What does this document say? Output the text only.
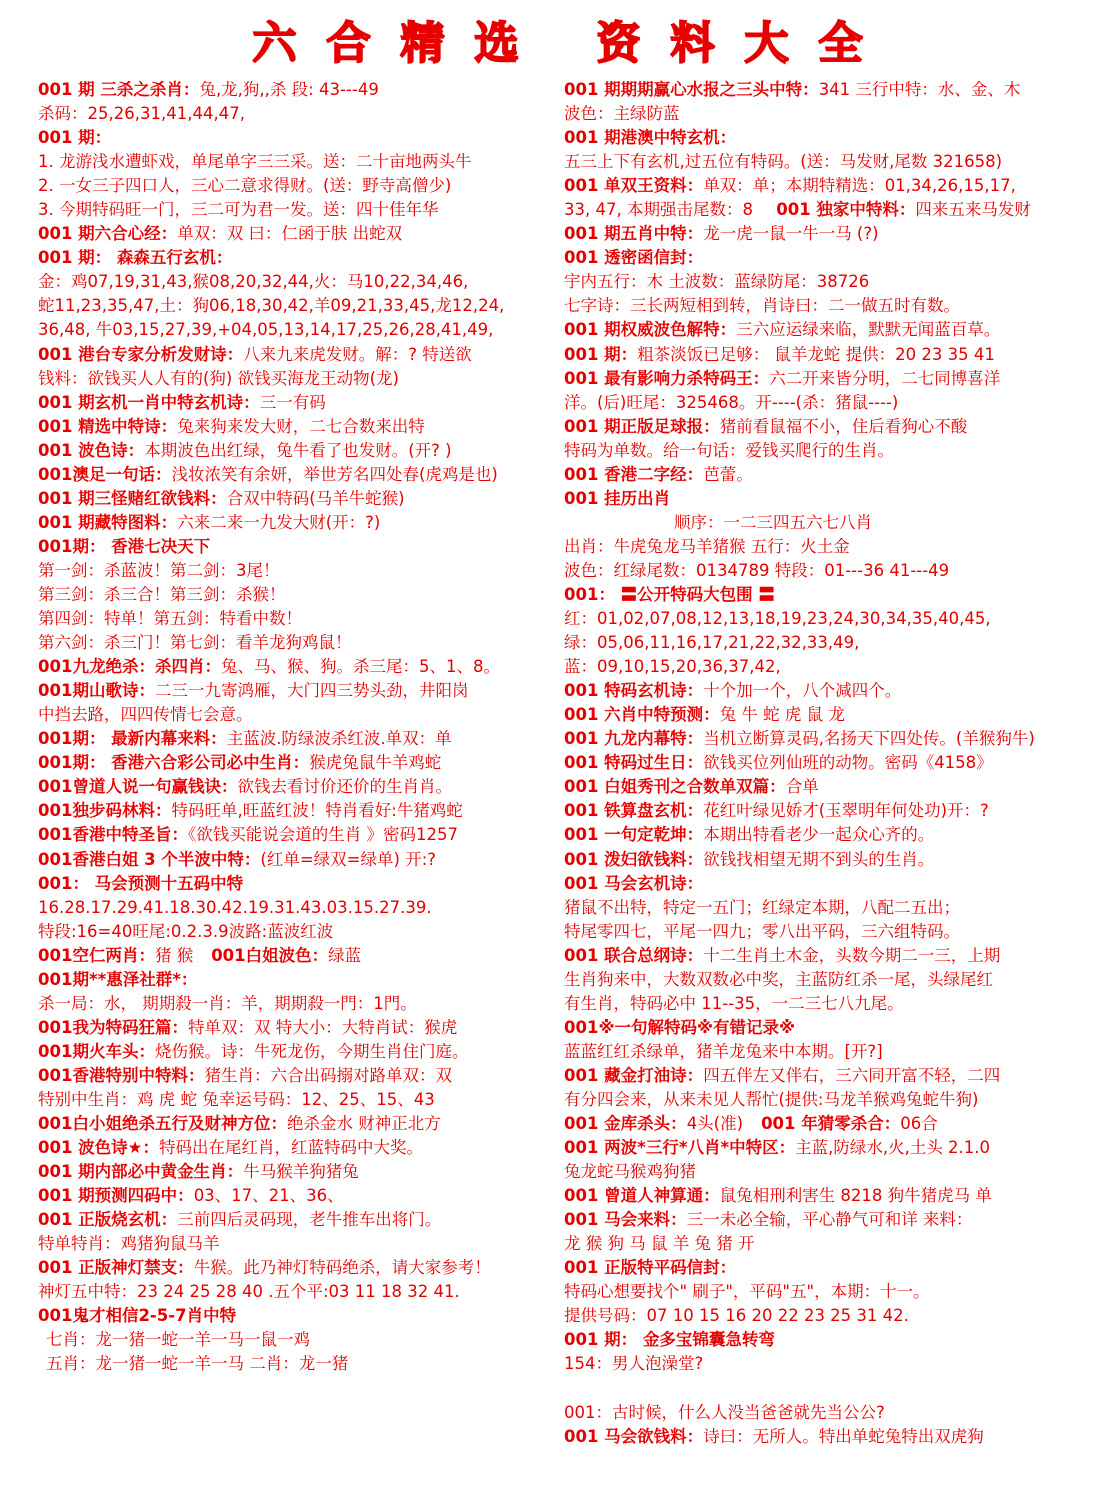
六 合 精 选 资 料 大 全
001 期 三杀之杀肖：兔,龙,狗,,杀 段: 43---49
杀码：25,26,31,41,44,47,
001 期：
1. 龙游浅水遭虾戏，单尾单字三三采。送：二十亩地两头牛
2. 一女三子四口人，三心二意求得财。(送：野寺高僧少)
3. 今期特码旺一门，三二可为君一发。送：四十佳年华
001 期六合心经：单双：双 曰：仁函于肤 出蛇双
001 期： 森森五行玄机：
金：鸡07,19,31,43,猴08,20,32,44,火：马10,22,34,46,
蛇11,23,35,47,土：狗06,18,30,42,羊09,21,33,45,龙12,24,
36,48, 牛03,15,27,39,+04,05,13,14,17,25,26,28,41,49,
001 港台专家分析发财诗：八来九来虎发财。解：? 特送欲
钱料：欲钱买人人有的(狗) 欲钱买海龙王动物(龙)
001 期玄机一肖中特玄机诗：三一有码
001 精选中特诗：兔来狗来发大财，二七合数来出特
001 波色诗：本期波色出红绿，兔牛看了也发财。(开? )
001澳足一句话：浅妆浓笑有余妍，举世芳名四处春(虎鸡是也)
001 期三怪赌红欲钱料：合双中特码(马羊牛蛇猴)
001 期藏特图料：六来二来一九发大财(开：?)
001期： 香港七决天下
第一剑：杀蓝波！第二剑：3尾！
第三剑：杀三合！第三剑：杀猴！
第四剑：特单！第五剑：特看中数！
第六剑：杀三门！第七剑：看羊龙狗鸡鼠！
001九龙绝杀：杀四肖：兔、马、猴、狗。杀三尾：5、1、8。
001期山歌诗：二三一九寄鸿雁，大门四三势头劲，井阳岗
中挡去路，四四传情七会意。
001期： 最新内幕来料：主蓝波.防绿波杀红波.单双：单
001期： 香港六合彩公司必中生肖：猴虎兔鼠牛羊鸡蛇
001曾道人说一句赢钱诀：欲钱去看讨价还价的生肖肖。
001独步码林料：特码旺单,旺蓝红波！特肖看好:牛猪鸡蛇
001香港中特圣旨：《欲钱买能说会道的生肖 》密码1257
001香港白姐 3 个半波中特：(红单=绿双=绿单) 开:?
001： 马会预测十五码中特
16.28.17.29.41.18.30.42.19.31.43.03.15.27.39.
特段:16=40旺尾:0.2.3.9波路:蓝波红波
001空仁两肖：猪 猴 001白姐波色：绿蓝
001期**惠泽社群*：
杀一局：水， 期期殺一肖：羊，期期殺一門：1門。
001我为特码狂篇：特单双：双 特大小：大特肖试：猴虎
001期火车头：烧伤猴。诗：牛死龙伤，今期生肖住门庭。
001香港特别中特料：猪生肖：六合出码搦对路单双：双
特别中生肖：鸡 虎 蛇 兔幸运号码：12、25、15、43
001白小姐绝杀五行及财神方位：绝杀金水 财神正北方
001 波色诗★：特码出在尾红肖，红蓝特码中大奖。
001 期内部必中黄金生肖：牛马猴羊狗猪兔
001 期预测四码中：03、17、21、36、
001 正版烧玄机：三前四后灵码现，老牛推车出将门。
特单特肖：鸡猪狗鼠马羊
001 正版神灯禁支：牛猴。此乃神灯特码绝杀，请大家参考！
神灯五中特：23 24 25 28 40 .五个平:03 11 18 32 41.
001鬼才相信2-5-7肖中特
七肖：龙一猪一蛇一羊一马一鼠一鸡
五肖：龙一猪一蛇一羊一马 二肖：龙一猪
001 期期期赢心水报之三头中特：341 三行中特：水、金、木
波色：主绿防蓝
001 期港澳中特玄机：
五三上下有玄机,过五位有特码。(送：马发财,尾数 321658)
001 单双王资料：单双：单；本期特精选：01,34,26,15,17,
33, 47, 本期强击尾数：8 001 独家中特料：四来五来马发财
001 期五肖中特：龙一虎一鼠一牛一马 (?)
001 透密函信封：
宇内五行：木 土波数：蓝绿防尾：38726
七字诗：三长两短相到转，肖诗曰：二一做五时有数。
001 期权威波色解特：三六应运绿来临，默默无闻蓝百草。
001 期：粗茶淡饭已足够： 鼠羊龙蛇 提供：20 23 35 41
001 最有影响力杀特码王：六二开来皆分明，二七同博喜洋
洋。(后)旺尾：325468。开----(杀：猪鼠----)
001 期正版足球报：猪前看鼠福不小，住后看狗心不酸
特码为单数。给一句话：爱钱买爬行的生肖。
001 香港二字经：芭蕾。
001 挂历出肖
顺序：一二三四五六七八肖
出肖：牛虎兔龙马羊猪猴 五行：火土金
波色：红绿尾数：0134789 特段：01---36 41---49
001： 〓公开特码大包围 〓
红：01,02,07,08,12,13,18,19,23,24,30,34,35,40,45,
绿：05,06,11,16,17,21,22,32,33,49,
蓝：09,10,15,20,36,37,42,
001 特码玄机诗：十个加一个，八个减四个。
001 六肖中特预测：兔 牛 蛇 虎 鼠 龙
001 九龙内幕特：当机立断算灵码,名扬天下四处传。(羊猴狗牛)
001 特码过生日：欲钱买位列仙班的动物。密码《4158》
001 白姐秀刊之合数单双篇：合单
001 铁算盘玄机：花红叶绿见娇才(玉翠明年何处功)开：?
001 一句定乾坤：本期出特看老少一起众心齐的。
001 泼妇欲钱料：欲钱找相望无期不到头的生肖。
001 马会玄机诗：
猪鼠不出特，特定一五门；红绿定本期，八配二五出；
特尾零四七，平尾一四九；零八出平码，三六组特码。
001 联合总纲诗：十二生肖土木金，头数今期二一三，上期
生肖狗来中，大数双数必中奖，主蓝防红杀一尾，头绿尾红
有生肖，特码必中 11--35，一二三七八九尾。
001※一句解特码※有错记录※
蓝蓝红红杀绿单，猪羊龙兔来中本期。[开?]
001 藏金打油诗：四五伴左又伴右，三六同开富不轻，二四
有分四会来，从来未见人帮忙(提供:马龙羊猴鸡兔蛇牛狗)
001 金库杀头：4头(准) 001 年猜零杀合：06合
001 两波*三行*八肖*中特区：主蓝,防绿水,火,土头 2.1.0
兔龙蛇马猴鸡狗猪
001 曾道人神算通：鼠兔相刑利害生 8218 狗牛猪虎马 单
001 马会来料：三一未必全输，平心静气可和详 来料：
龙 猴 狗 马 鼠 羊 兔 猪 开
001 正版特平码信封：
特码心想要找个" 刷子"，平码"五"，本期：十一。
提供号码：07 10 15 16 20 22 23 25 31 42.
001 期： 金多宝锦囊急转弯
154：男人泡澡堂?
001：古时候，什么人没当爸爸就先当公公?
001 马会欲钱料：诗曰：无所人。特出单蛇兔特出双虎狗
